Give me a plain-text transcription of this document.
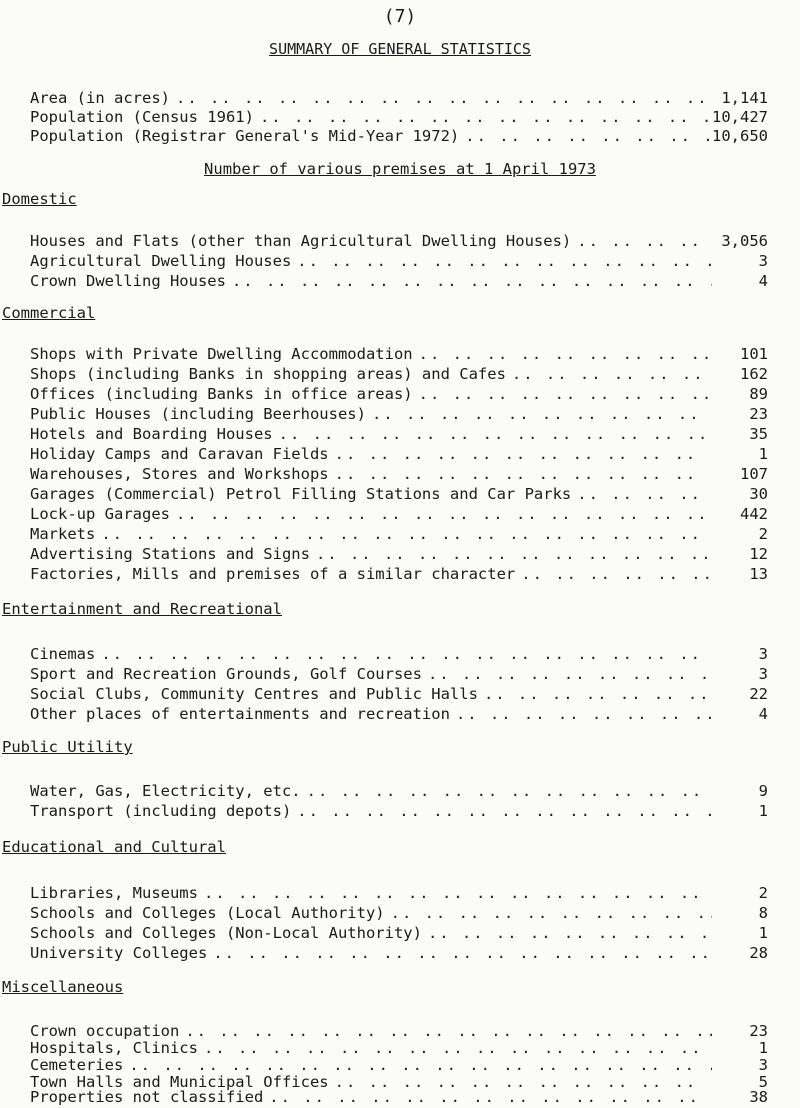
(7)
SUMMARY OF GENERAL STATISTICS
Area (in acres) .. .	1,141
Population (Census 1961) .. .	10,427
Population (Registrar General's Mid-Year 1972) .. .	10,650
Number of various premises at 1 April 1973
Domestic
Houses and Flats (other than Agricultural Dwelling Houses) .. .	3,056
Agricultural Dwelling Houses .. .	3
Crown Dwelling Houses .. .	4
Commercial
Shops with Private Dwelling Accommodation .. .	101
Shops (including Banks in shopping areas) and Cafes .. .	162
Offices (including Banks in office areas) .. .	89
Public Houses (including Beerhouses) .. .	23
Hotels and Boarding Houses .. .	35
Holiday Camps and Caravan Fields .. .	1
Warehouses, Stores and Workshops .. .	107
Garages (Commercial) Petrol Filling Stations and Car Parks .. .	30
Lock-up Garages .. .	442
Markets .. .	2
Advertising Stations and Signs .. .	12
Factories, Mills and premises of a similar character .. .	13
Entertainment and Recreational
Cinemas .. .	3
Sport and Recreation Grounds, Golf Courses .. .	3
Social Clubs, Community Centres and Public Halls .. .	22
Other places of entertainments and recreation .. .	4
Public Utility
Water, Gas, Electricity, etc. .. .	9
Transport (including depots) .. .	1
Educational and Cultural
Libraries, Museums .. .	2
Schools and Colleges (Local Authority) .. .	8
Schools and Colleges (Non-Local Authority) .. .	1
University Colleges .. .	28
Miscellaneous
Crown occupation .. .	23
Hospitals, Clinics .. .	1
Cemeteries .. .	3
Town Halls and Municipal Offices .. .	5
Properties not classified .. .	38
